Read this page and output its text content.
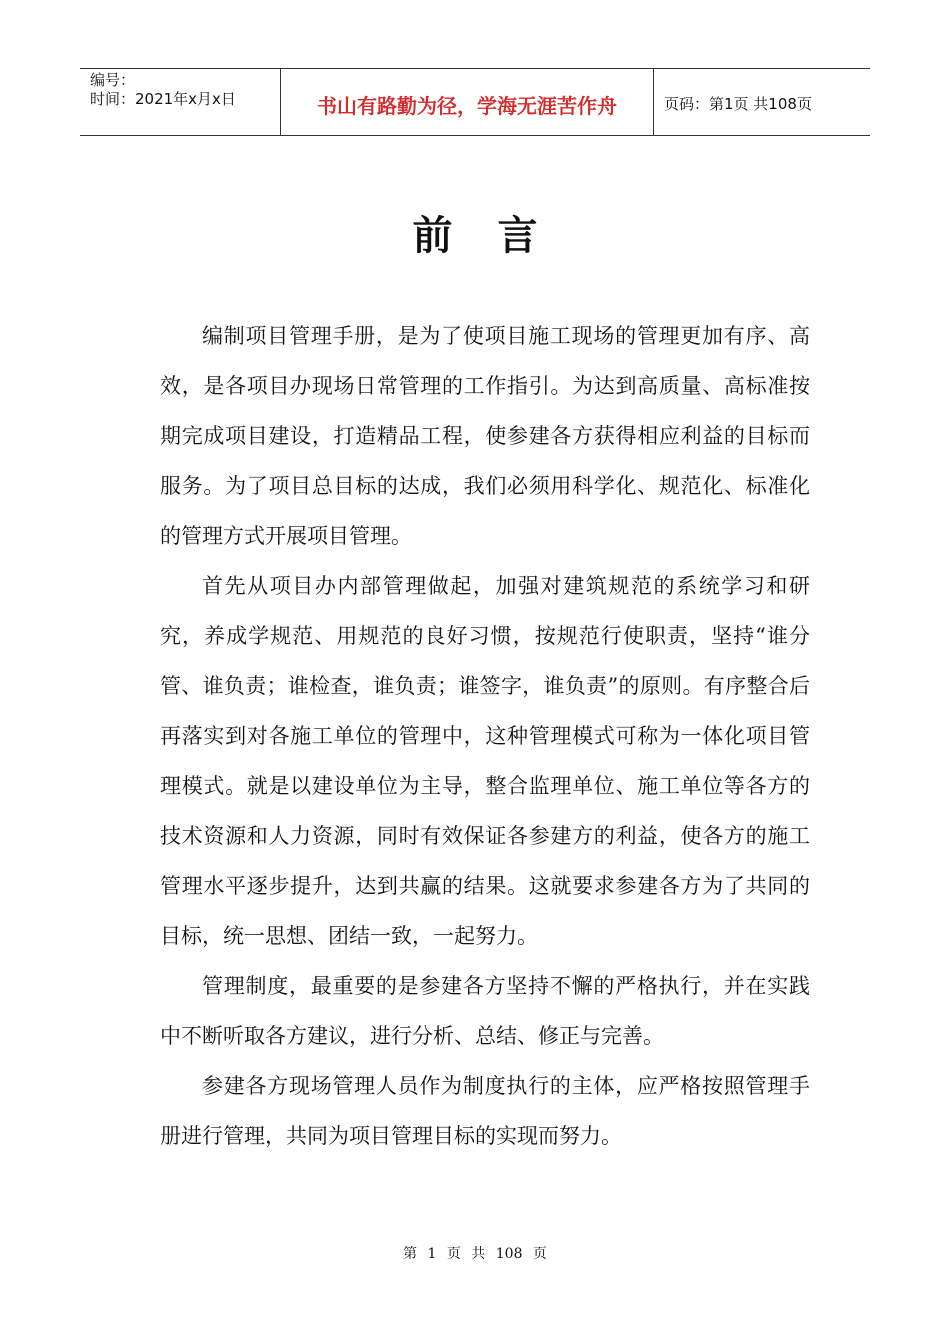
编号：
时间：2021年x月x日	书山有路勤为径，学海无涯苦作舟	页码：第1页 共108页
前言

编制项目管理手册，是为了使项目施工现场的管理更加有序、高效，是各项目办现场日常管理的工作指引。为达到高质量、高标准按期完成项目建设，打造精品工程，使参建各方获得相应利益的目标而服务。为了项目总目标的达成，我们必须用科学化、规范化、标准化的管理方式开展项目管理。

首先从项目办内部管理做起，加强对建筑规范的系统学习和研究，养成学规范、用规范的良好习惯，按规范行使职责，坚持“谁分管、谁负责；谁检查，谁负责；谁签字，谁负责”的原则。有序整合后再落实到对各施工单位的管理中，这种管理模式可称为一体化项目管理模式。就是以建设单位为主导，整合监理单位、施工单位等各方的技术资源和人力资源，同时有效保证各参建方的利益，使各方的施工管理水平逐步提升，达到共赢的结果。这就要求参建各方为了共同的目标，统一思想、团结一致，一起努力。

管理制度，最重要的是参建各方坚持不懈的严格执行，并在实践中不断听取各方建议，进行分析、总结、修正与完善。

参建各方现场管理人员作为制度执行的主体，应严格按照管理手册进行管理，共同为项目管理目标的实现而努力。

第 1 页 共 108 页
